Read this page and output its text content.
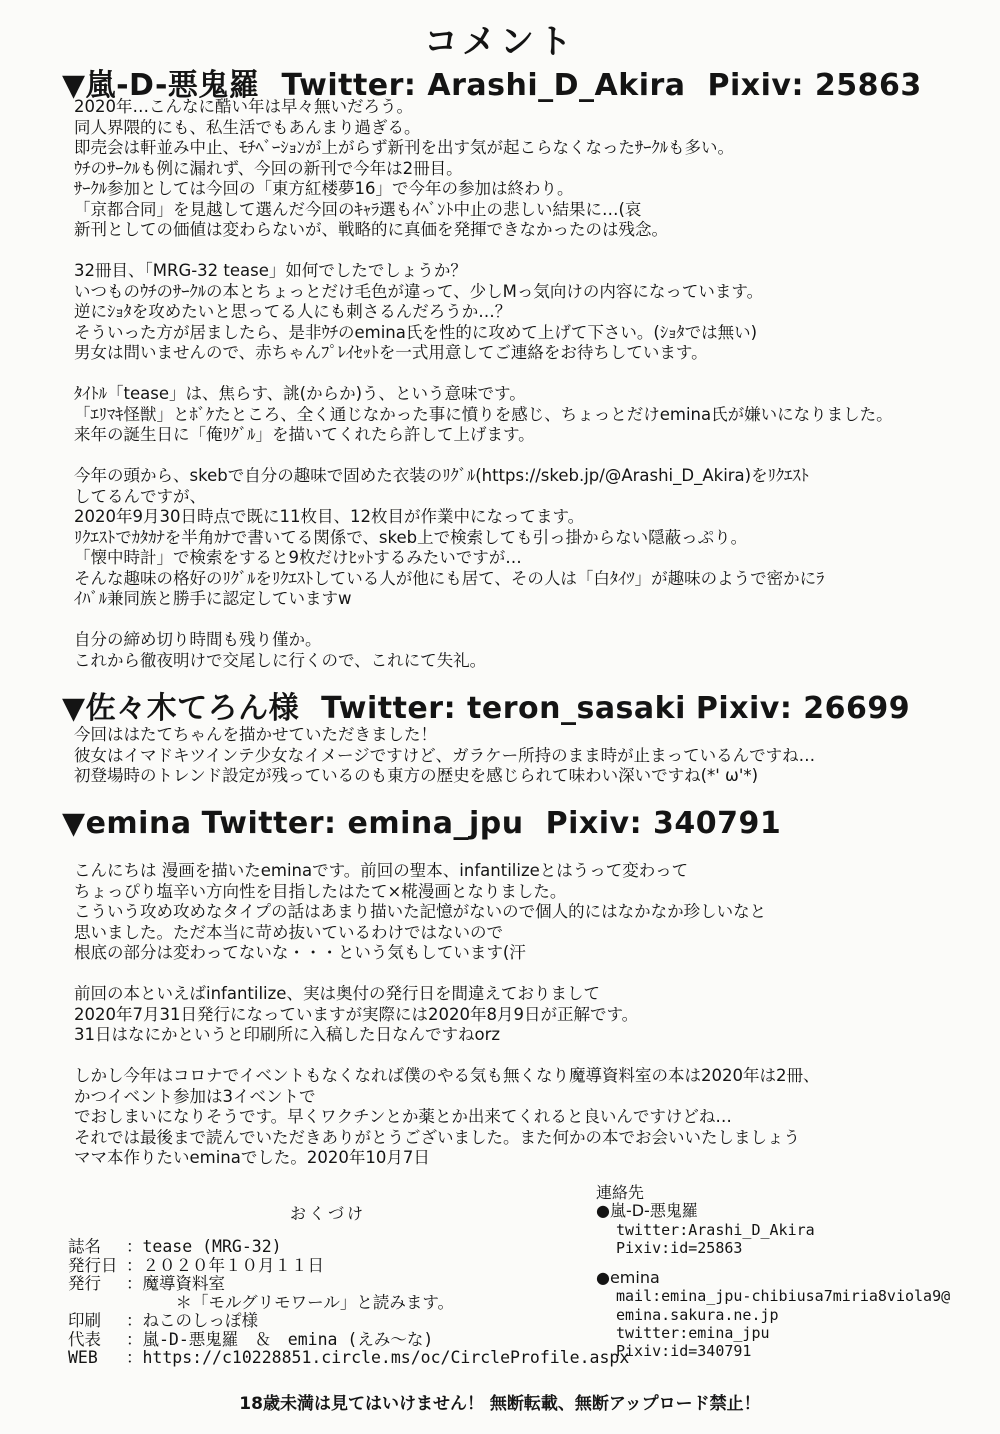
コメント
▼嵐-D-悪鬼羅 Twitter: Arashi_D_Akira Pixiv: 25863
2020年…こんなに酷い年は早々無いだろう。
同人界隈的にも、私生活でもあんまり過ぎる。
即売会は軒並み中止、ﾓﾁﾍﾞｰｼｮﾝが上がらず新刊を出す気が起こらなくなったｻｰｸﾙも多い。
ｳﾁのｻｰｸﾙも例に漏れず、今回の新刊で今年は2冊目。
ｻｰｸﾙ参加としては今回の「東方紅楼夢16」で今年の参加は終わり。
「京都合同」を見越して選んだ今回のｷｬﾗ選もｲﾍﾞﾝﾄ中止の悲しい結果に…(哀
新刊としての価値は変わらないが、戦略的に真価を発揮できなかったのは残念。
32冊目、「MRG-32 tease」如何でしたでしょうか？
いつものｳﾁのｻｰｸﾙの本とちょっとだけ毛色が違って、少しMっ気向けの内容になっています。
逆にｼｮﾀを攻めたいと思ってる人にも刺さるんだろうか…？
そういった方が居ましたら、是非ｳﾁのemina氏を性的に攻めて上げて下さい。(ｼｮﾀでは無い)
男女は問いませんので、赤ちゃんﾌﾟﾚｲｾｯﾄを一式用意してご連絡をお待ちしています。
ﾀｲﾄﾙ「tease」は、焦らす、誂(からか)う、という意味です。
「ｴﾘﾏｷ怪獣」とﾎﾞｹたところ、全く通じなかった事に憤りを感じ、ちょっとだけemina氏が嫌いになりました。
来年の誕生日に「俺ﾘｸﾞﾙ」を描いてくれたら許して上げます。
今年の頭から、skebで自分の趣味で固めた衣装のﾘｸﾞﾙ(https://skeb.jp/@Arashi_D_Akira)をﾘｸｴｽﾄ
してるんですが、
2020年9月30日時点で既に11枚目、12枚目が作業中になってます。
ﾘｸｴｽﾄでｶﾀｶﾅを半角ｶﾅで書いてる関係で、skeb上で検索しても引っ掛からない隠蔽っぷり。
「懐中時計」で検索をすると9枚だけﾋｯﾄするみたいですが…
そんな趣味の格好のﾘｸﾞﾙをﾘｸｴｽﾄしている人が他にも居て、その人は「白ﾀｲﾂ」が趣味のようで密かにﾗ
ｲﾊﾞﾙ兼同族と勝手に認定していますw
自分の締め切り時間も残り僅か。
これから徹夜明けで交尾しに行くので、これにて失礼。
▼佐々木てろん様 Twitter: teron_sasaki Pixiv: 26699
今回ははたてちゃんを描かせていただきました！
彼女はイマドキツインテ少女なイメージですけど、ガラケー所持のまま時が止まっているんですね…
初登場時のトレンド設定が残っているのも東方の歴史を感じられて味わい深いですね(*' ω'*)
▼emina Twitter: emina_jpu Pixiv: 340791
こんにちは 漫画を描いたeminaです。前回の聖本、infantilizeとはうって変わって
ちょっぴり塩辛い方向性を目指したはたて×椛漫画となりました。
こういう攻め攻めなタイプの話はあまり描いた記憶がないので個人的にはなかなか珍しいなと
思いました。ただ本当に苛め抜いているわけではないので
根底の部分は変わってないな・・・という気もしています(汗
前回の本といえばinfantilize、実は奥付の発行日を間違えておりまして
2020年7月31日発行になっていますが実際には2020年8月9日が正解です。
31日はなにかというと印刷所に入稿した日なんですねorz
しかし今年はコロナでイベントもなくなれば僕のやる気も無くなり魔導資料室の本は2020年は2冊、
かつイベント参加は3イベントで
でおしまいになりそうです。早くワクチンとか薬とか出来てくれると良いんですけどね…
それでは最後まで読んでいただきありがとうございました。また何かの本でお会いいたしましょう
ママ本作りたいeminaでした。2020年10月7日
おくづけ
誌名	：tease (MRG-32)
発行日 ：２０２０年１０月１１日
発行	：魔導資料室
　　　＊「モルグリモワール」と読みます。
印刷	：ねこのしっぽ様
代表	：嵐-D-悪鬼羅　＆　emina (えみ～な)
WEB	：https://c10228851.circle.ms/oc/CircleProfile.aspx
連絡先
●嵐-D-悪鬼羅
twitter:Arashi_D_Akira
Pixiv:id=25863
●emina
mail:emina_jpu-chibiusa7miria8viola9@
emina.sakura.ne.jp
twitter:emina_jpu
Pixiv:id=340791
18歳未満は見てはいけません！ 無断転載、無断アップロード禁止！
